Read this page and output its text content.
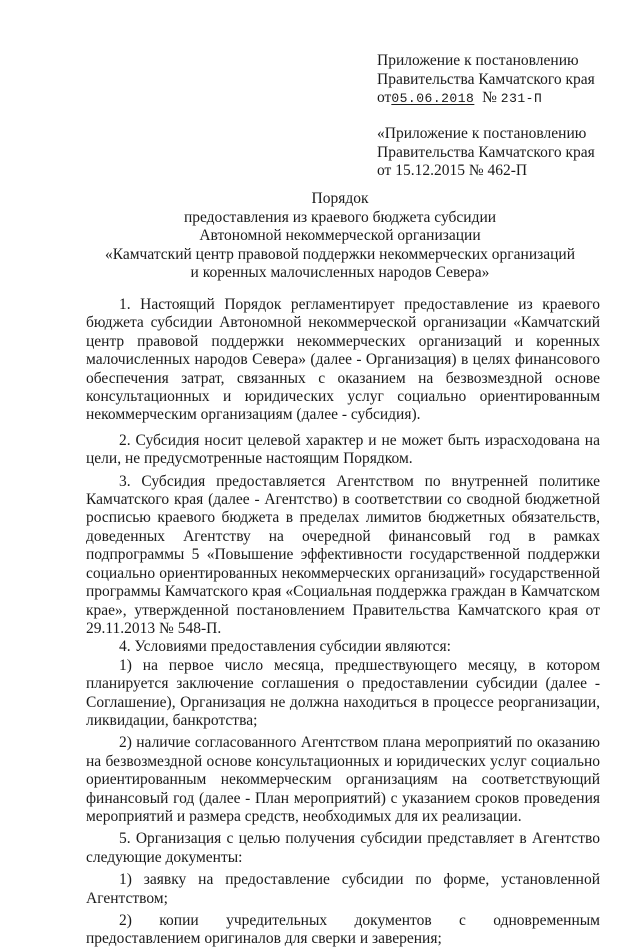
Приложение к постановлению
Правительства Камчатского края
от05.06.2018 № 231-П
«Приложение к постановлению
Правительства Камчатского края
от 15.12.2015 № 462-П
Порядок
предоставления из краевого бюджета субсидии
Автономной некоммерческой организации
«Камчатский центр правовой поддержки некоммерческих организаций
и коренных малочисленных народов Севера»

1. Настоящий Порядок регламентирует предоставление из краевого бюджета субсидии Автономной некоммерческой организации «Камчатский центр правовой поддержки некоммерческих организаций и коренных малочисленных народов Севера» (далее - Организация) в целях финансового обеспечения затрат, связанных с оказанием на безвозмездной основе консультационных и юридических услуг социально ориентированным некоммерческим организациям (далее - субсидия).

2. Субсидия носит целевой характер и не может быть израсходована на цели, не предусмотренные настоящим Порядком.

3. Субсидия предоставляется Агентством по внутренней политике Камчатского края (далее - Агентство) в соответствии со сводной бюджетной росписью краевого бюджета в пределах лимитов бюджетных обязательств, доведенных Агентству на очередной финансовый год в рамках подпрограммы 5 «Повышение эффективности государственной поддержки социально ориентированных некоммерческих организаций» государственной программы Камчатского края «Социальная поддержка граждан в Камчатском крае», утвержденной постановлением Правительства Камчатского края от 29.11.2013 № 548-П.

4. Условиями предоставления субсидии являются:

1) на первое число месяца, предшествующего месяцу, в котором планируется заключение соглашения о предоставлении субсидии (далее - Соглашение), Организация не должна находиться в процессе реорганизации, ликвидации, банкротства;

2) наличие согласованного Агентством плана мероприятий по оказанию на безвозмездной основе консультационных и юридических услуг социально ориентированным некоммерческим организациям на соответствующий финансовый год (далее - План мероприятий) с указанием сроков проведения мероприятий и размера средств, необходимых для их реализации.

5. Организация с целью получения субсидии представляет в Агентство следующие документы:

1) заявку на предоставление субсидии по форме, установленной Агентством;

2) копии учредительных документов с одновременным предоставлением оригиналов для сверки и заверения;
